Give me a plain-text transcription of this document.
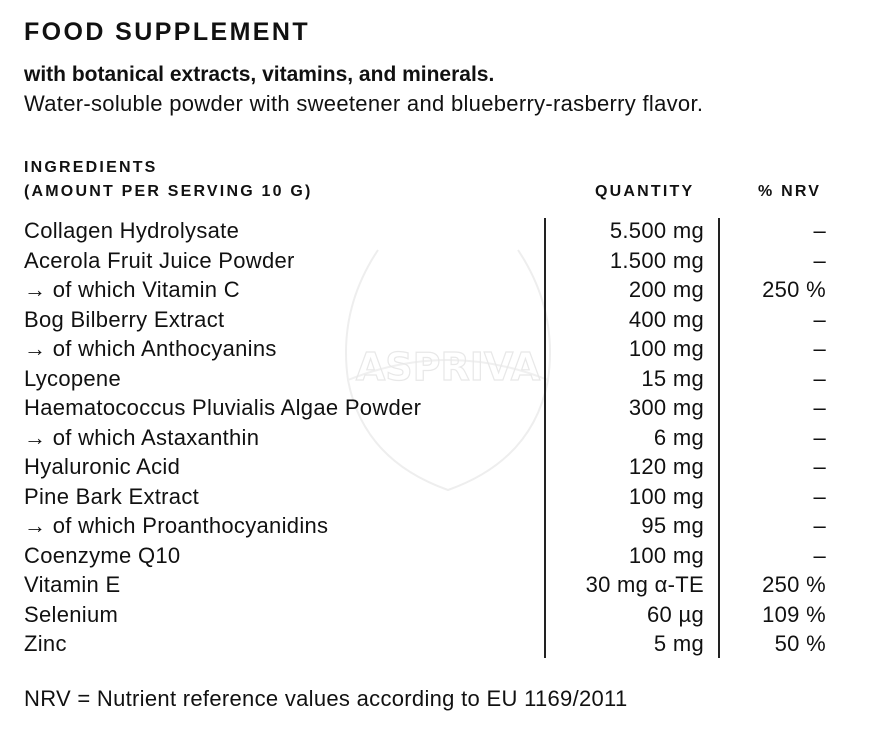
ASPRIVA
FOOD SUPPLEMENT

with botanical extracts, vitamins, and minerals.

Water-soluble powder with sweetener and blueberry-rasberry flavor.

INGREDIENTS
(AMOUNT PER SERVING 10 G)	QUANTITY	% NRV
Collagen Hydrolysate	5.500 mg	–
Acerola Fruit Juice Powder	1.500 mg	–
→ of which Vitamin C	200 mg	250 %
Bog Bilberry Extract	400 mg	–
→ of which Anthocyanins	100 mg	–
Lycopene	15 mg	–
Haematococcus Pluvialis Algae Powder	300 mg	–
→ of which Astaxanthin	6 mg	–
Hyaluronic Acid	120 mg	–
Pine Bark Extract	100 mg	–
→ of which Proanthocyanidins	95 mg	–
Coenzyme Q10	100 mg	–
Vitamin E	30 mg α-TE	250 %
Selenium	60 µg	109 %
Zinc	5 mg	50 %

NRV = Nutrient reference values according to EU 1169/2011
